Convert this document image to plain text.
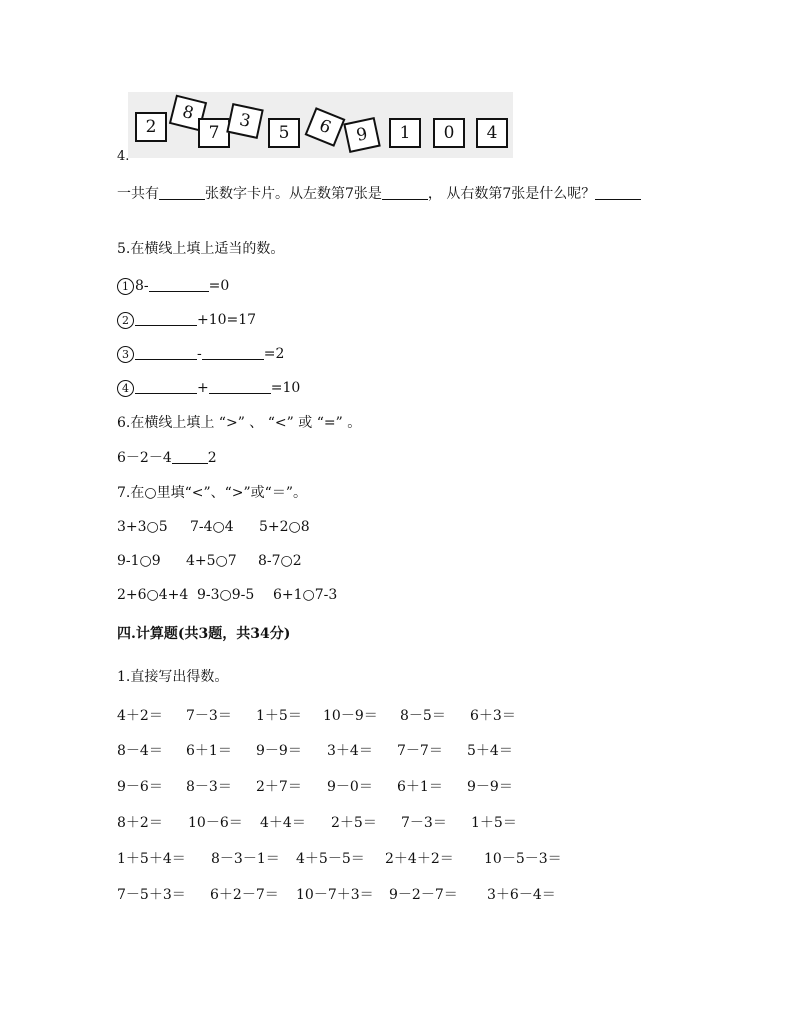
2
8
7
3
5	6	9	1	0	4
4.
一共有	张数字卡片。从左数第7张是	， 从右数第7张是什么呢？
5.在横线上填上适当的数。
1 8-	=0
2	+10=17
3	-	=2
4	+	=10
6.在横线上填上 “>” 、 “<” 或 “=” 。
6－2－4	2
7.在○里填“<”、“>”或“＝”。
3+3○5 7-4○4 5+2○8
9-1○9 4+5○7 8-7○2
2+6○4+4 9-3○9-5 6+1○7-3
四.计算题(共3题，共34分)
1.直接写出得数。
4＋2＝ 7－3＝ 1＋5＝ 10－9＝ 8－5＝ 6＋3＝
8－4＝ 6＋1＝ 9－9＝ 3＋4＝ 7－7＝ 5＋4＝
9－6＝ 8－3＝ 2＋7＝ 9－0＝ 6＋1＝ 9－9＝
8＋2＝ 10－6＝ 4＋4＝ 2＋5＝ 7－3＝ 1＋5＝
1＋5＋4＝ 8－3－1＝ 4＋5－5＝ 2＋4＋2＝ 10－5－3＝
7－5＋3＝ 6＋2－7＝ 10－7＋3＝ 9－2－7＝ 3＋6－4＝
